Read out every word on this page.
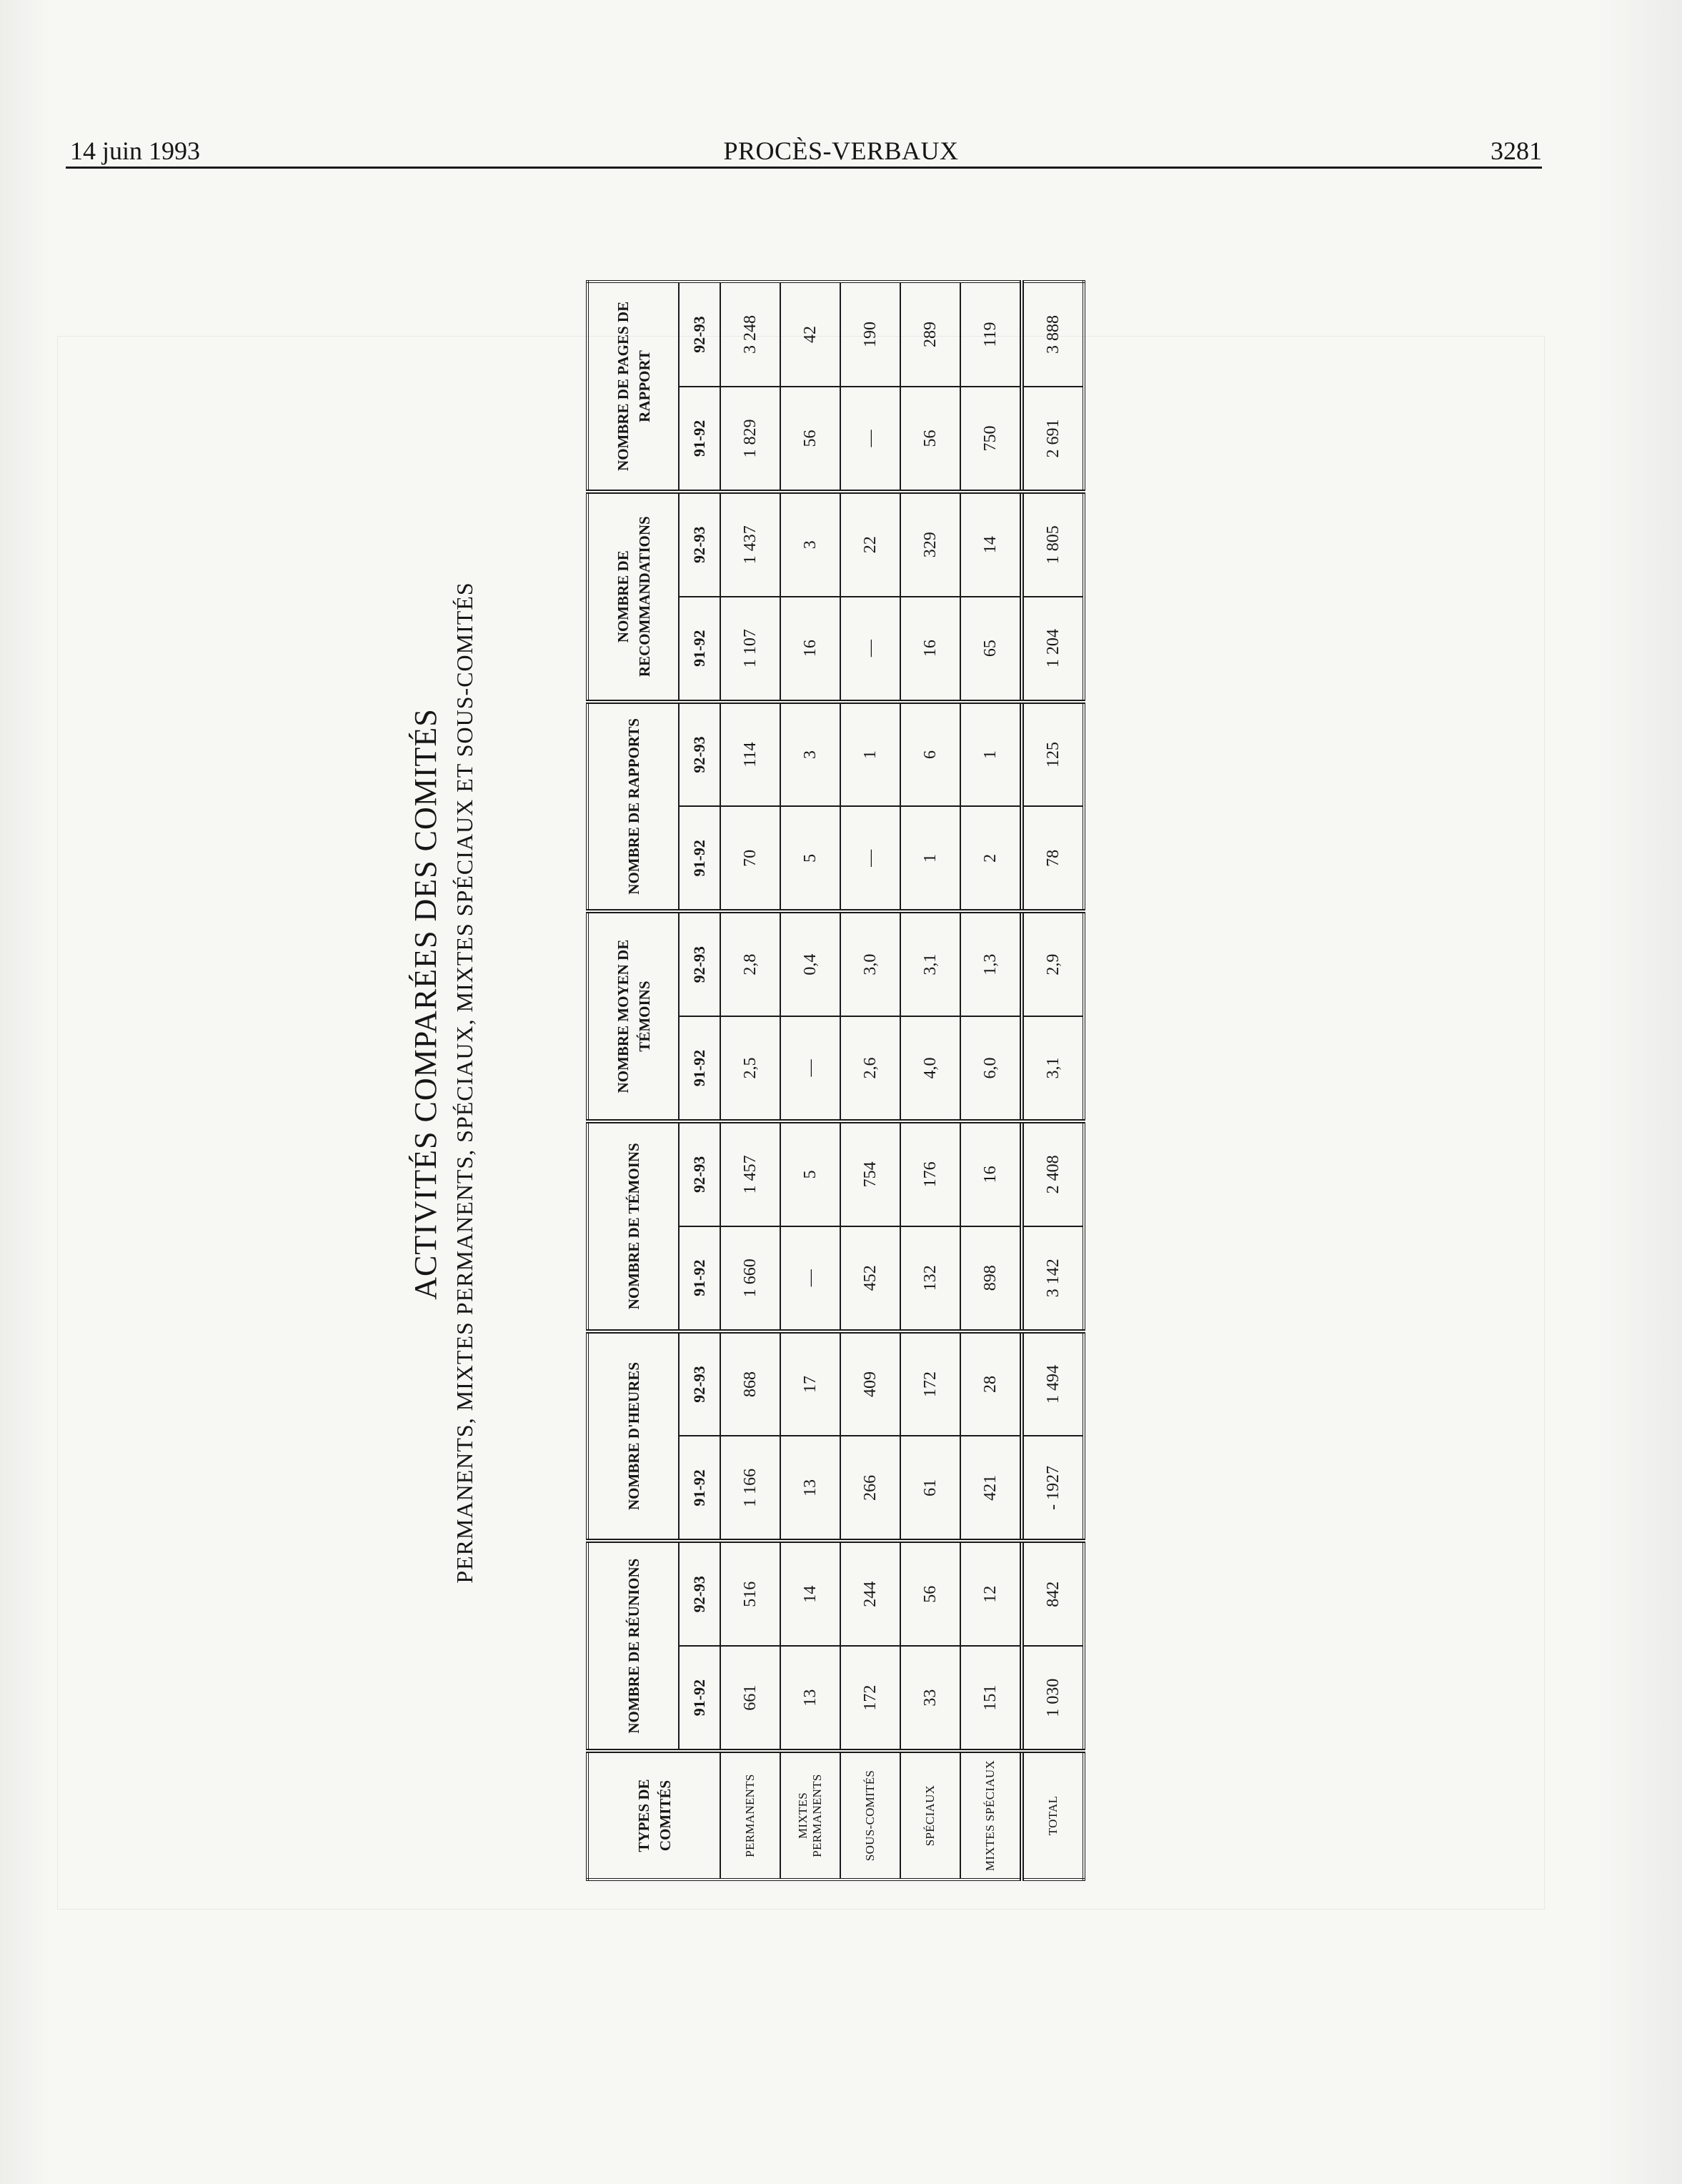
14 juin 1993	PROCÈS-VERBAUX	3281
ACTIVITÉS COMPARÉES DES COMITÉS PERMANENTS, MIXTES PERMANENTS, SPÉCIAUX, MIXTES SPÉCIAUX ET SOUS-COMITÉS
TYPES DE COMITÉS	NOMBRE DE RÉUNIONS		NOMBRE D'HEURES		NOMBRE DE TÉMOINS		NOMBRE MOYEN DE TÉMOINS		NOMBRE DE RAPPORTS		NOMBRE DE RECOMMANDATIONS		NOMBRE DE PAGES DE RAPPORT	
	91-92	92-93	91-92	92-93	91-92	92-93	91-92	92-93	91-92	92-93	91-92	92-93	91-92	92-93
PERMANENTS	661	516	1 166	868	1 660	1 457	2,5	2,8	70	114	1 107	1 437	1 829	3 248
MIXTES PERMANENTS	13	14	13	17	—	5	—	0,4	5	3	16	3	56	42
SOUS-COMITÉS	172	244	266	409	452	754	2,6	3,0	—	1	—	22	—	190
SPÉCIAUX	33	56	61	172	132	176	4,0	3,1	1	6	16	329	56	289
MIXTES SPÉCIAUX	151	12	421	28	898	16	6,0	1,3	2	1	65	14	750	119
TOTAL	1 030	842	- 1927	1 494	3 142	2 408	3,1	2,9	78	125	1 204	1 805	2 691	3 888
